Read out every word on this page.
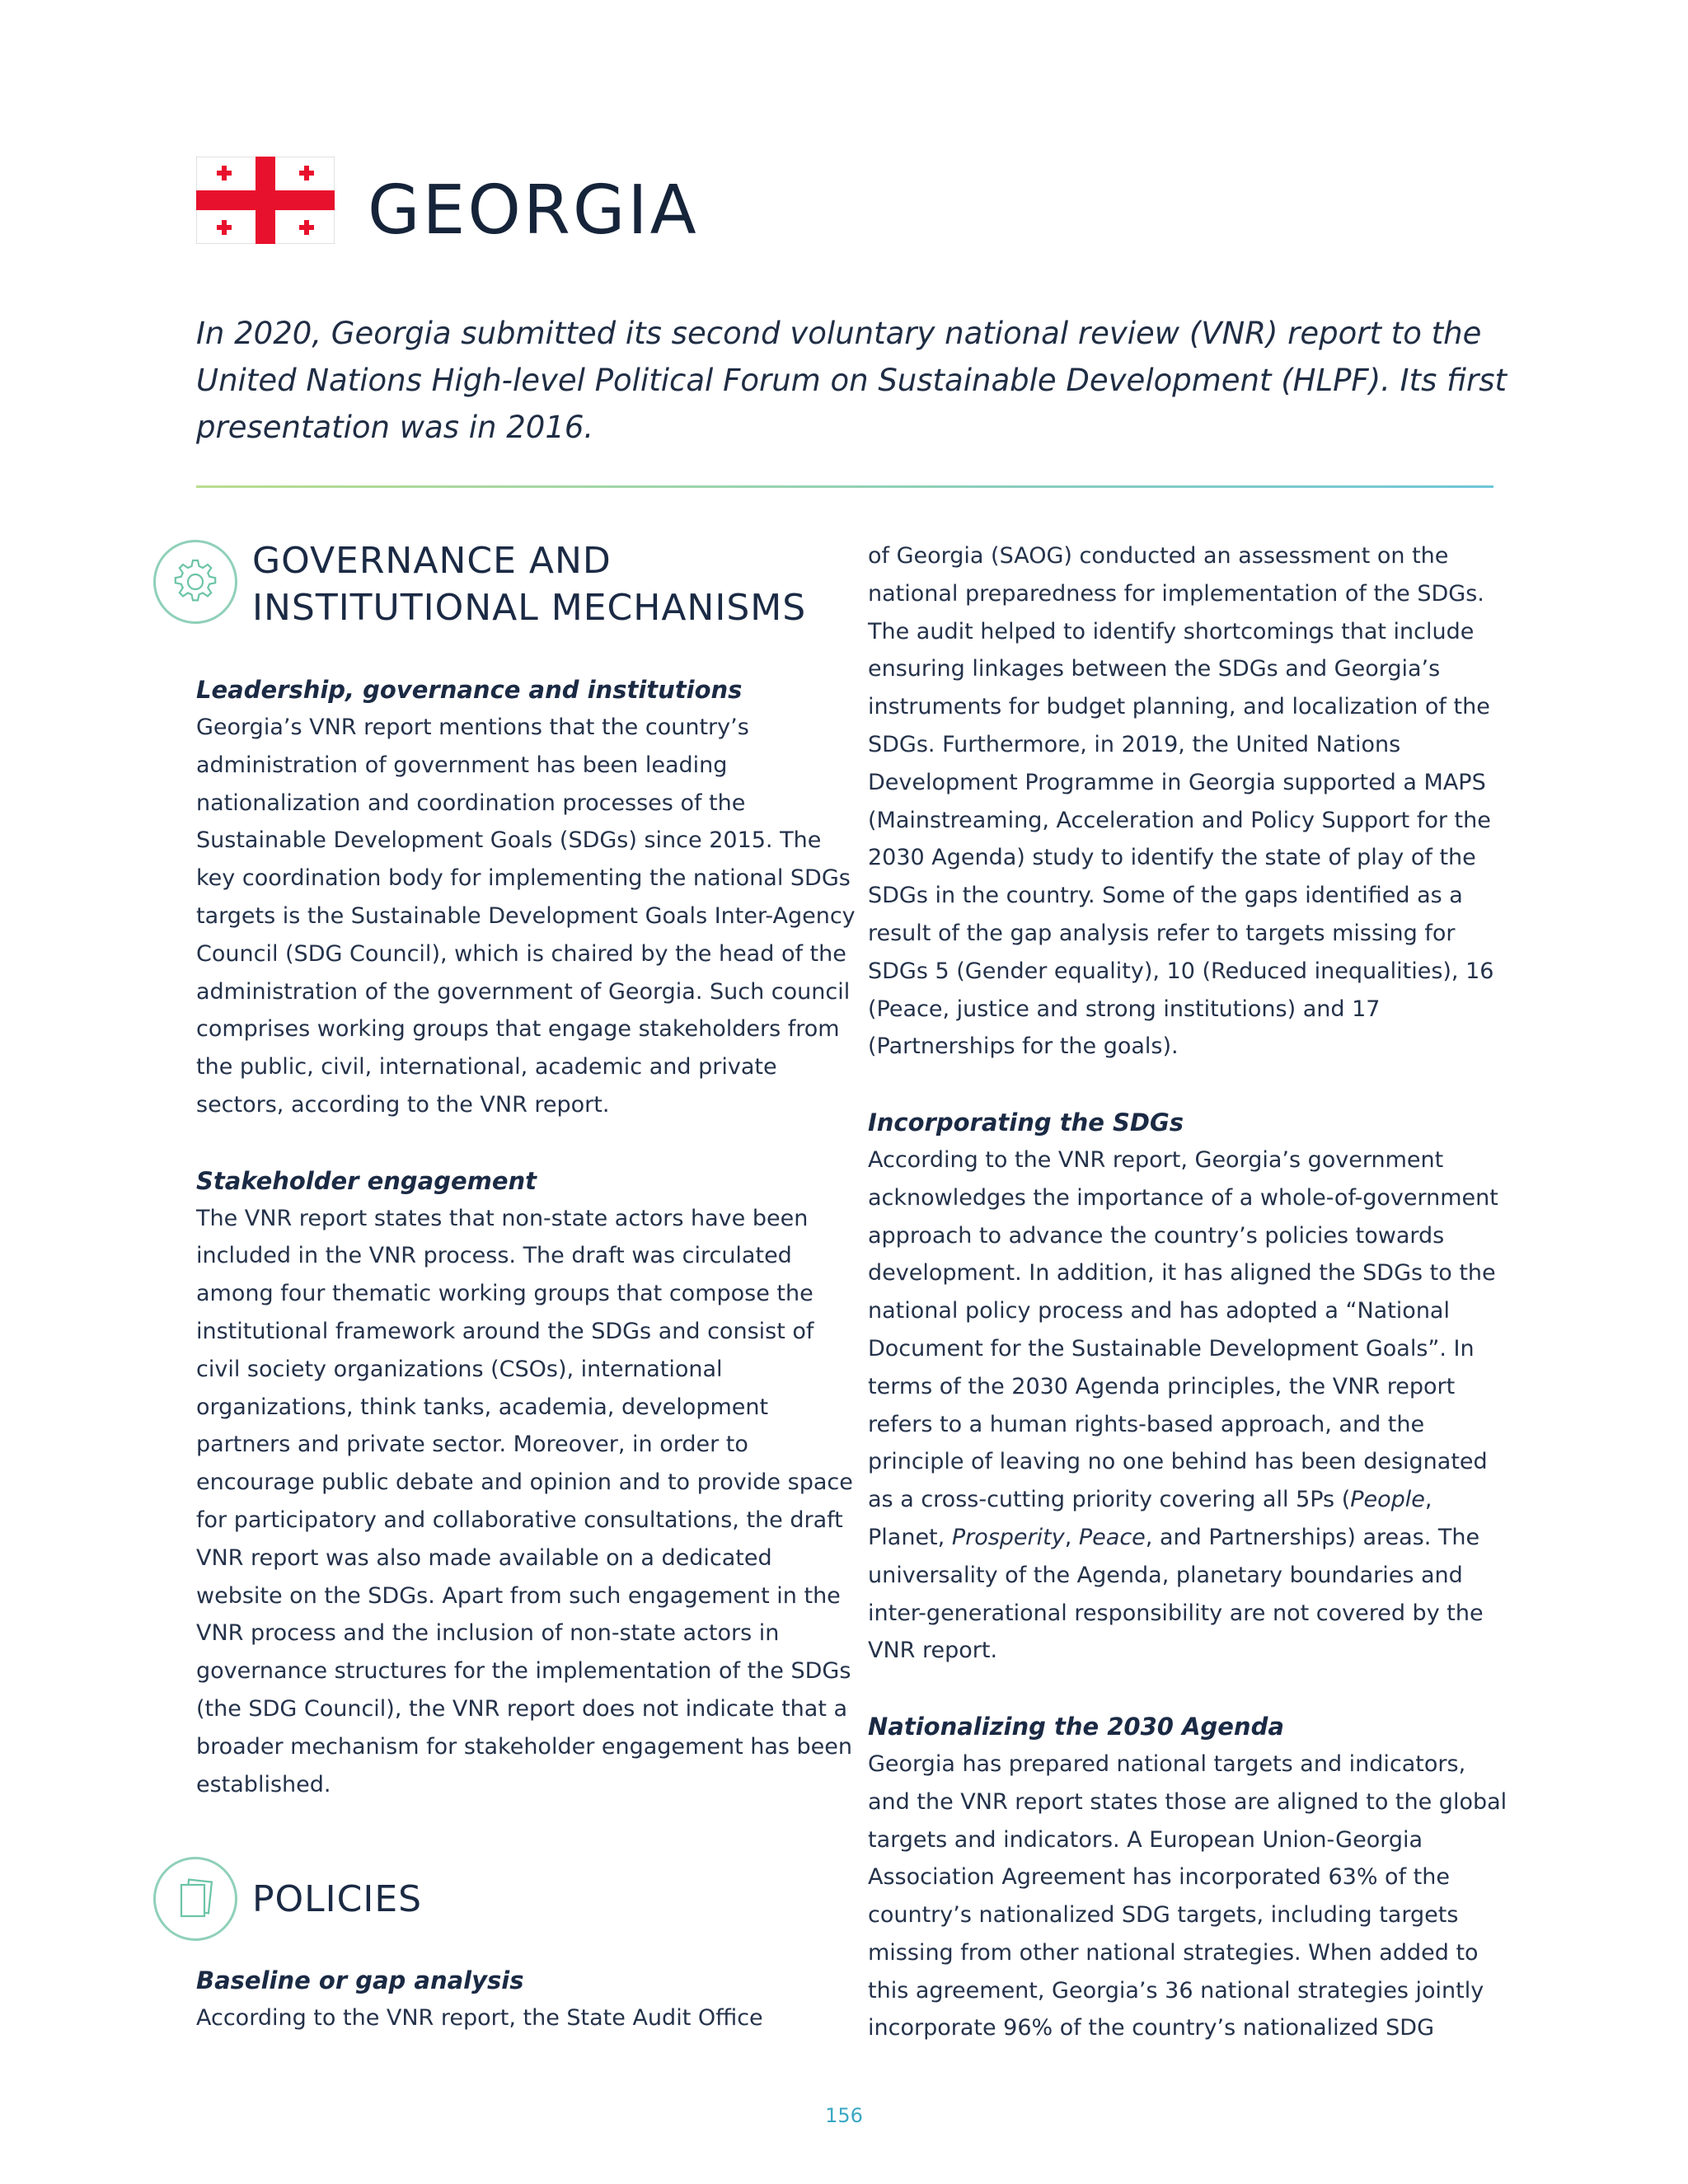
GEORGIA

In 2020, Georgia submitted its second voluntary national review (VNR) report to the United Nations High-level Political Forum on Sustainable Development (HLPF). Its first presentation was in 2016.

GOVERNANCE AND INSTITUTIONAL MECHANISMS

Leadership, governance and institutions

Georgia’s VNR report mentions that the country’s administration of government has been leading nationalization and coordination processes of the Sustainable Development Goals (SDGs) since 2015. The key coordination body for implementing the national SDGs targets is the Sustainable Development Goals Inter-Agency Council (SDG Council), which is chaired by the head of the administration of the government of Georgia. Such council comprises working groups that engage stakeholders from the public, civil, international, academic and private sectors, according to the VNR report.

Stakeholder engagement

The VNR report states that non-state actors have been included in the VNR process. The draft was circulated among four thematic working groups that compose the institutional framework around the SDGs and consist of civil society organizations (CSOs), international organizations, think tanks, academia, development partners and private sector. Moreover, in order to encourage public debate and opinion and to provide space for participatory and collaborative consultations, the draft VNR report was also made available on a dedicated website on the SDGs. Apart from such engagement in the VNR process and the inclusion of non-state actors in governance structures for the implementation of the SDGs (the SDG Council), the VNR report does not indicate that a broader mechanism for stakeholder engagement has been established.

POLICIES

Baseline or gap analysis

According to the VNR report, the State Audit Office

of Georgia (SAOG) conducted an assessment on the national preparedness for implementation of the SDGs. The audit helped to identify shortcomings that include ensuring linkages between the SDGs and Georgia’s instruments for budget planning, and localization of the SDGs. Furthermore, in 2019, the United Nations Development Programme in Georgia supported a MAPS (Mainstreaming, Acceleration and Policy Support for the 2030 Agenda) study to identify the state of play of the SDGs in the country. Some of the gaps identified as a result of the gap analysis refer to targets missing for SDGs 5 (Gender equality), 10 (Reduced inequalities), 16 (Peace, justice and strong institutions) and 17 (Partnerships for the goals).

Incorporating the SDGs

According to the VNR report, Georgia’s government acknowledges the importance of a whole-of-government approach to advance the country’s policies towards development. In addition, it has aligned the SDGs to the national policy process and has adopted a “National Document for the Sustainable Development Goals”. In terms of the 2030 Agenda principles, the VNR report refers to a human rights-based approach, and the principle of leaving no one behind has been designated as a cross-cutting priority covering all 5Ps (People, Planet, Prosperity, Peace, and Partnerships) areas. The universality of the Agenda, planetary boundaries and inter-generational responsibility are not covered by the VNR report.

Nationalizing the 2030 Agenda

Georgia has prepared national targets and indicators, and the VNR report states those are aligned to the global targets and indicators. A European Union-Georgia Association Agreement has incorporated 63% of the country’s nationalized SDG targets, including targets missing from other national strategies. When added to this agreement, Georgia’s 36 national strategies jointly incorporate 96% of the country’s nationalized SDG

156
